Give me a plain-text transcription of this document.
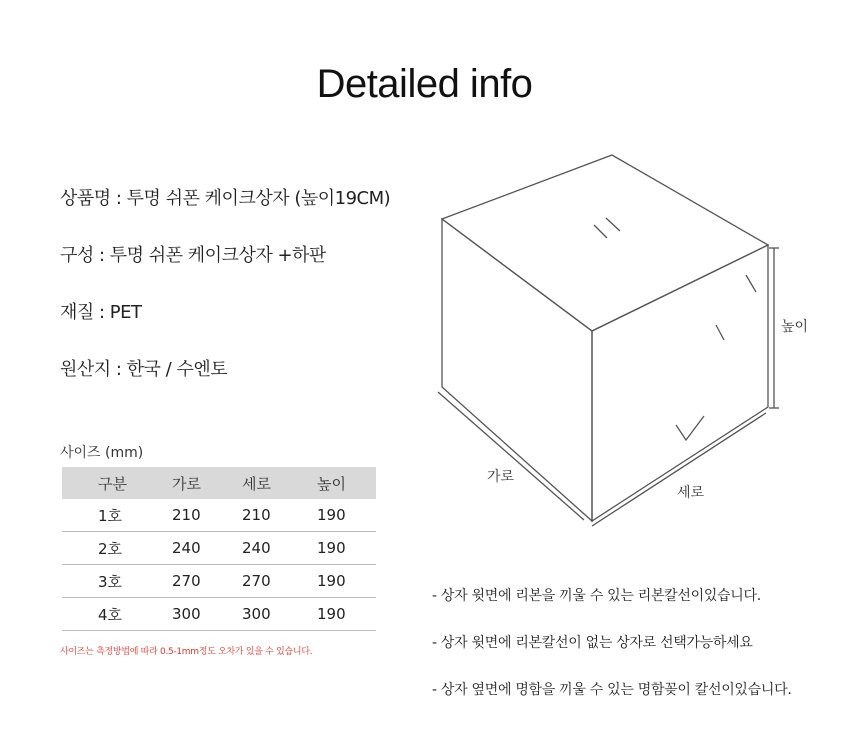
Detailed info
상품명 : 투명 쉬폰 케이크상자 (높이19CM)
구성 : 투명 쉬폰 케이크상자 +하판
재질 : PET
원산지 : 한국 / 수엔토
사이즈 (mm)
구분	가로	세로	높이
1호	210	210	190
2호	240	240	190
3호	270	270	190
4호	300	300	190
사이즈는 측정방법에 따라 0.5-1mm정도 오차가 있을 수 있습니다.
높이
가로
세로
- 상자 윗면에 리본을 끼울 수 있는 리본칼선이있습니다.
- 상자 윗면에 리본칼선이 없는 상자로 선택가능하세요
- 상자 옆면에 명함을 끼울 수 있는 명함꽂이 칼선이있습니다.
